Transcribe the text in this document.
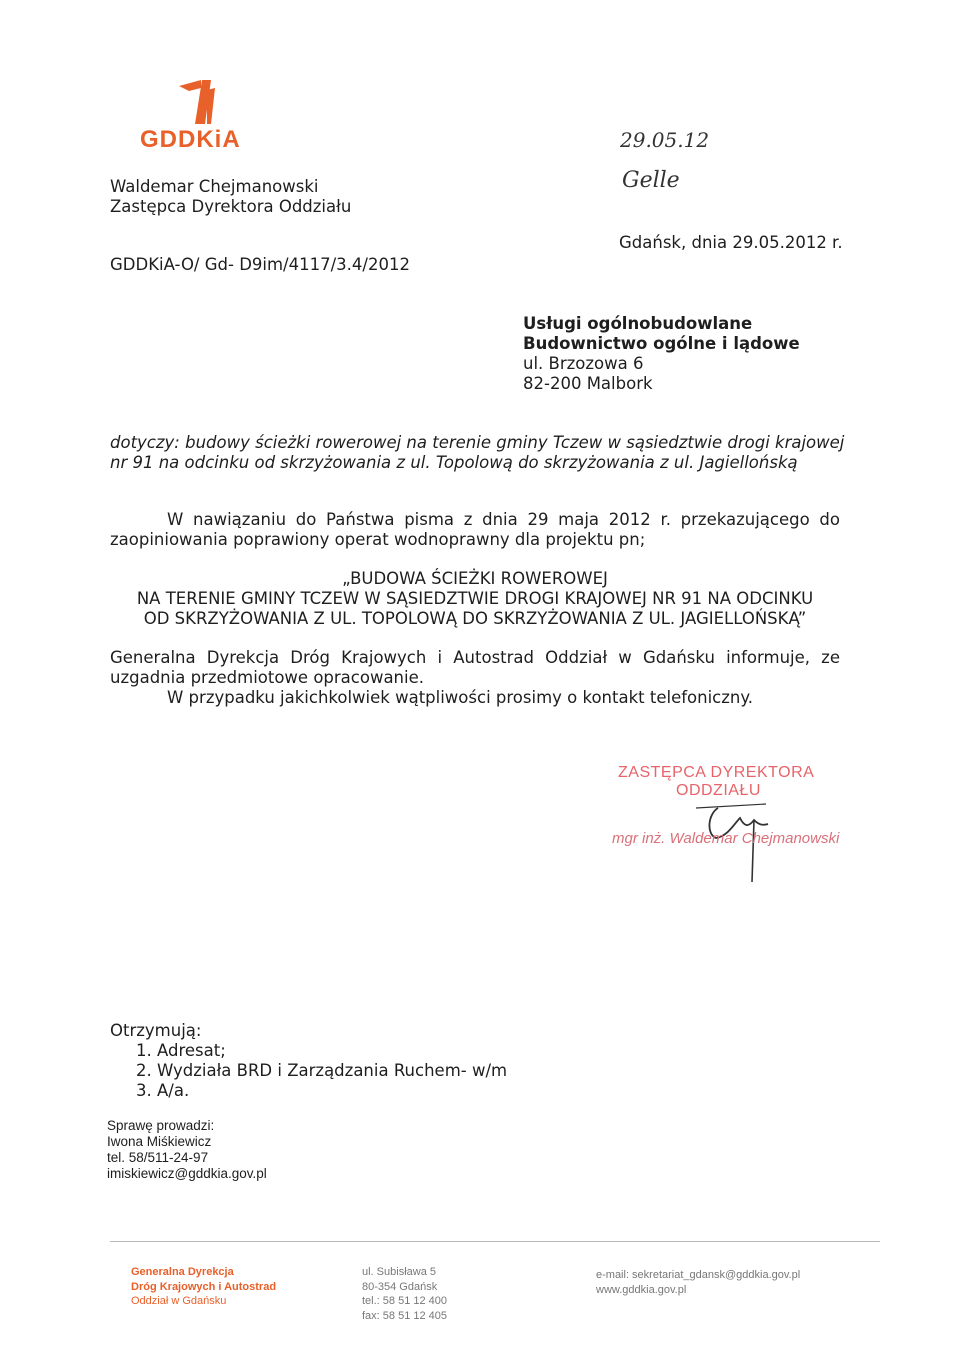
GDDKiA
Waldemar Chejmanowski
Zastępca Dyrektora Oddziału
29.05.12
Gelle
GDDKiA-O/ Gd- D9im/4117/3.4/2012
Gdańsk, dnia 29.05.2012 r.
Usługi ogólnobudowlane
Budownictwo ogólne i lądowe
ul. Brzozowa 6
82-200 Malbork
dotyczy: budowy ścieżki rowerowej na terenie gminy Tczew w sąsiedztwie drogi krajowej
nr 91 na odcinku od skrzyżowania z ul. Topolową do skrzyżowania z ul. Jagiellońską
W nawiązaniu do Państwa pisma z dnia 29 maja 2012 r. przekazującego do
zaopiniowania poprawiony operat wodnoprawny dla projektu pn;
„BUDOWA ŚCIEŻKI ROWEROWEJ
NA TERENIE GMINY TCZEW W SĄSIEDZTWIE DROGI KRAJOWEJ NR 91 NA ODCINKU
OD SKRZYŻOWANIA Z UL. TOPOLOWĄ DO SKRZYŻOWANIA Z UL. JAGIELLOŃSKĄ”
Generalna Dyrekcja Dróg Krajowych i Autostrad Oddział w Gdańsku informuje, ze
uzgadnia przedmiotowe opracowanie.
W przypadku jakichkolwiek wątpliwości prosimy o kontakt telefoniczny.
ZASTĘPCA DYREKTORA
ODDZIAŁU
mgr inż. Waldemar Chejmanowski
Otrzymują:
1. Adresat;
2. Wydziała BRD i Zarządzania Ruchem- w/m
3. A/a.
Sprawę prowadzi:
Iwona Miśkiewicz
tel. 58/511-24-97
imiskiewicz@gddkia.gov.pl
Generalna Dyrekcja
Dróg Krajowych i Autostrad
Oddział w Gdańsku
ul. Subisława 5
80-354 Gdańsk
tel.: 58 51 12 400
fax: 58 51 12 405
e-mail: sekretariat_gdansk@gddkia.gov.pl
www.gddkia.gov.pl
